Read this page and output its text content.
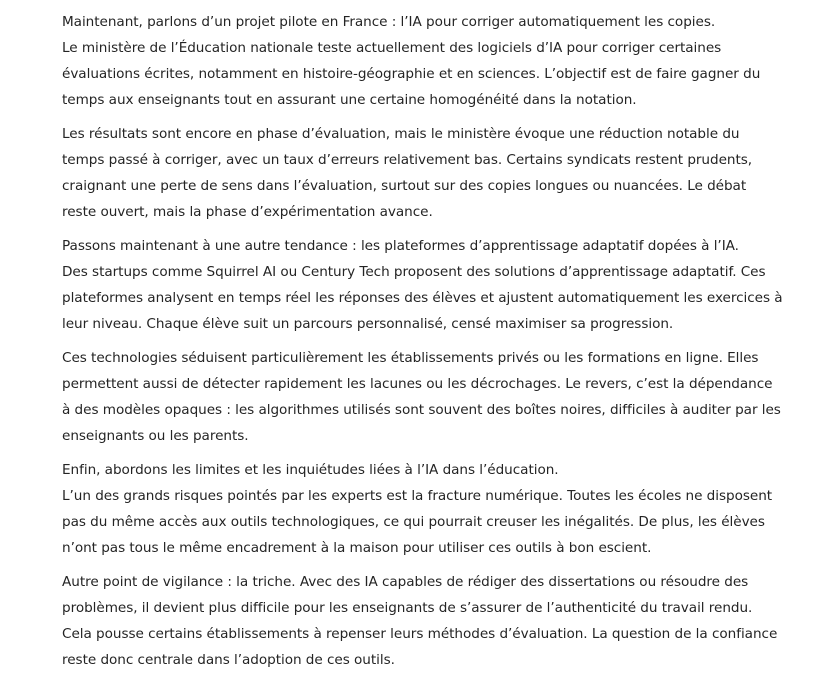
Maintenant, parlons d’un projet pilote en France : l’IA pour corriger automatiquement les copies.
Le ministère de l’Éducation nationale teste actuellement des logiciels d’IA pour corriger certaines évaluations écrites, notamment en histoire-géographie et en sciences. L’objectif est de faire gagner du temps aux enseignants tout en assurant une certaine homogénéité dans la notation.
Les résultats sont encore en phase d’évaluation, mais le ministère évoque une réduction notable du temps passé à corriger, avec un taux d’erreurs relativement bas. Certains syndicats restent prudents, craignant une perte de sens dans l’évaluation, surtout sur des copies longues ou nuancées. Le débat reste ouvert, mais la phase d’expérimentation avance.
Passons maintenant à une autre tendance : les plateformes d’apprentissage adaptatif dopées à l’IA.
Des startups comme Squirrel AI ou Century Tech proposent des solutions d’apprentissage adaptatif. Ces plateformes analysent en temps réel les réponses des élèves et ajustent automatiquement les exercices à leur niveau. Chaque élève suit un parcours personnalisé, censé maximiser sa progression.
Ces technologies séduisent particulièrement les établissements privés ou les formations en ligne. Elles permettent aussi de détecter rapidement les lacunes ou les décrochages. Le revers, c’est la dépendance à des modèles opaques : les algorithmes utilisés sont souvent des boîtes noires, difficiles à auditer par les enseignants ou les parents.
Enfin, abordons les limites et les inquiétudes liées à l’IA dans l’éducation.
L’un des grands risques pointés par les experts est la fracture numérique. Toutes les écoles ne disposent pas du même accès aux outils technologiques, ce qui pourrait creuser les inégalités. De plus, les élèves n’ont pas tous le même encadrement à la maison pour utiliser ces outils à bon escient.
Autre point de vigilance : la triche. Avec des IA capables de rédiger des dissertations ou résoudre des problèmes, il devient plus difficile pour les enseignants de s’assurer de l’authenticité du travail rendu. Cela pousse certains établissements à repenser leurs méthodes d’évaluation. La question de la confiance reste donc centrale dans l’adoption de ces outils.
